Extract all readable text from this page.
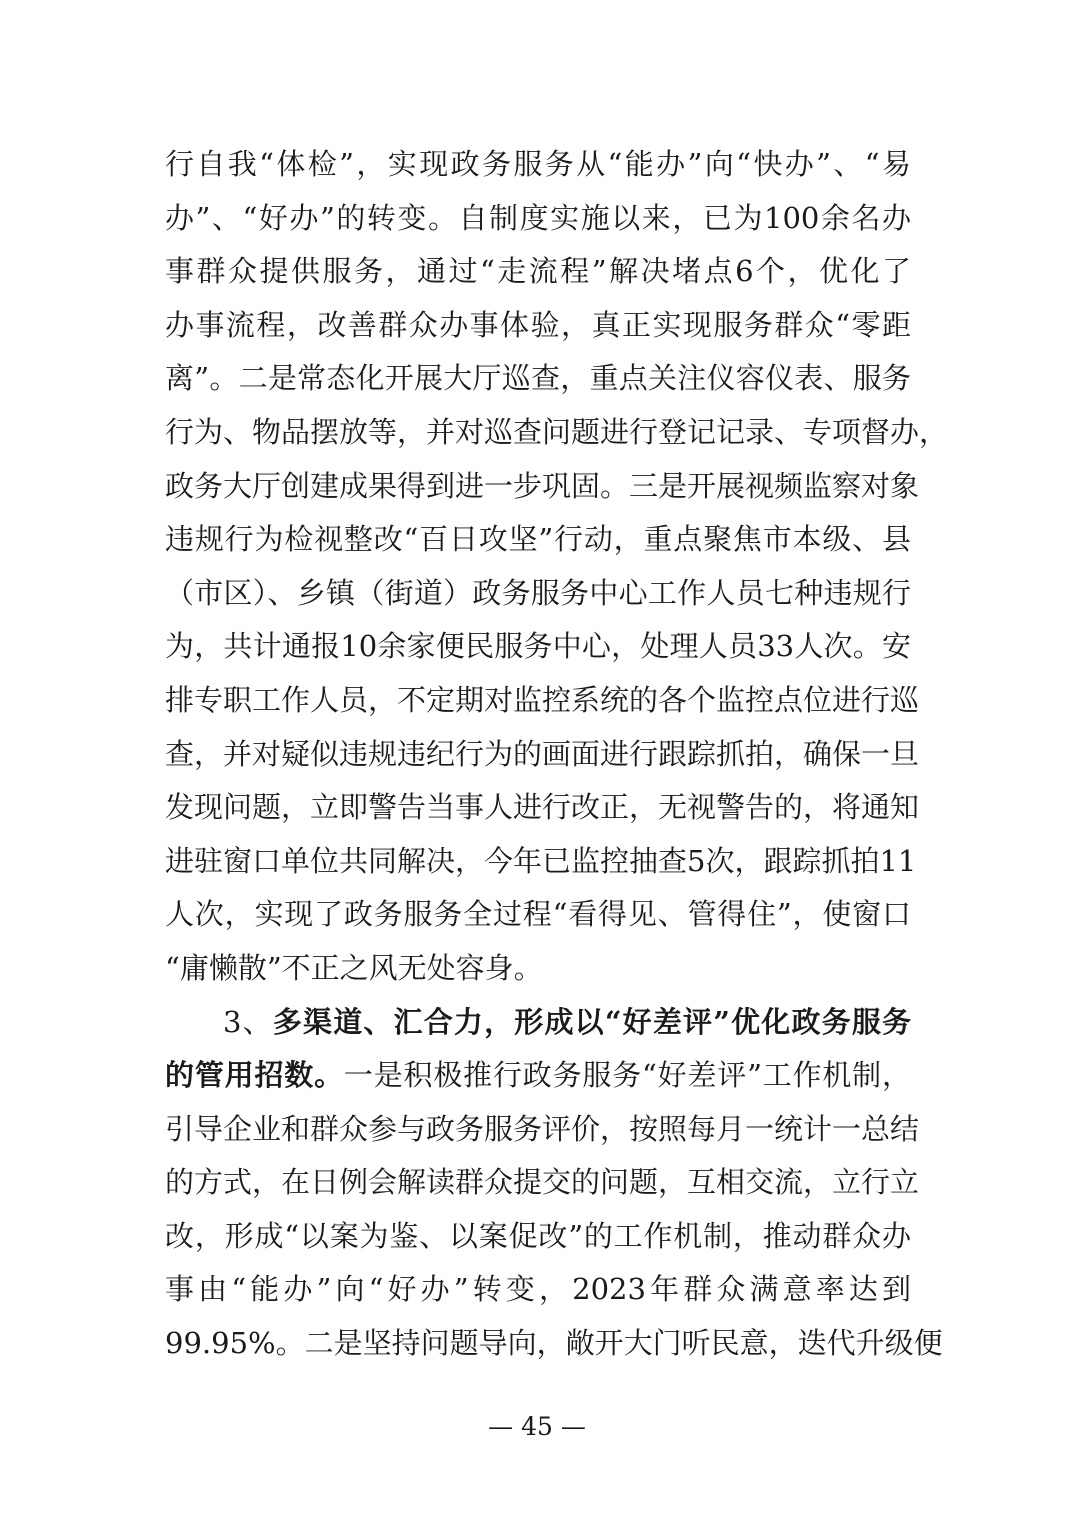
行自我“体检”，实现政务服务从“能办”向“快办”、“易
办”、“好办”的转变。自制度实施以来，已为100余名办
事群众提供服务，通过“走流程”解决堵点6个，优化了
办事流程，改善群众办事体验，真正实现服务群众“零距
离”。二是常态化开展大厅巡查，重点关注仪容仪表、服务
行为、物品摆放等，并对巡查问题进行登记记录、专项督办，
政务大厅创建成果得到进一步巩固。三是开展视频监察对象
违规行为检视整改“百日攻坚”行动，重点聚焦市本级、县
（市区）、乡镇（街道）政务服务中心工作人员七种违规行
为，共计通报10余家便民服务中心，处理人员33人次。安
排专职工作人员，不定期对监控系统的各个监控点位进行巡
查，并对疑似违规违纪行为的画面进行跟踪抓拍，确保一旦
发现问题，立即警告当事人进行改正，无视警告的，将通知
进驻窗口单位共同解决，今年已监控抽查5次，跟踪抓拍11
人次，实现了政务服务全过程“看得见、管得住”，使窗口
“庸懒散”不正之风无处容身。
3、多渠道、汇合力，形成以“好差评”优化政务服务
的管用招数。一是积极推行政务服务“好差评”工作机制，
引导企业和群众参与政务服务评价，按照每月一统计一总结
的方式，在日例会解读群众提交的问题，互相交流，立行立
改，形成“以案为鉴、以案促改”的工作机制，推动群众办
事由“能办”向“好办”转变，2023年群众满意率达到
99.95%。二是坚持问题导向，敞开大门听民意，迭代升级便
— 45 —
